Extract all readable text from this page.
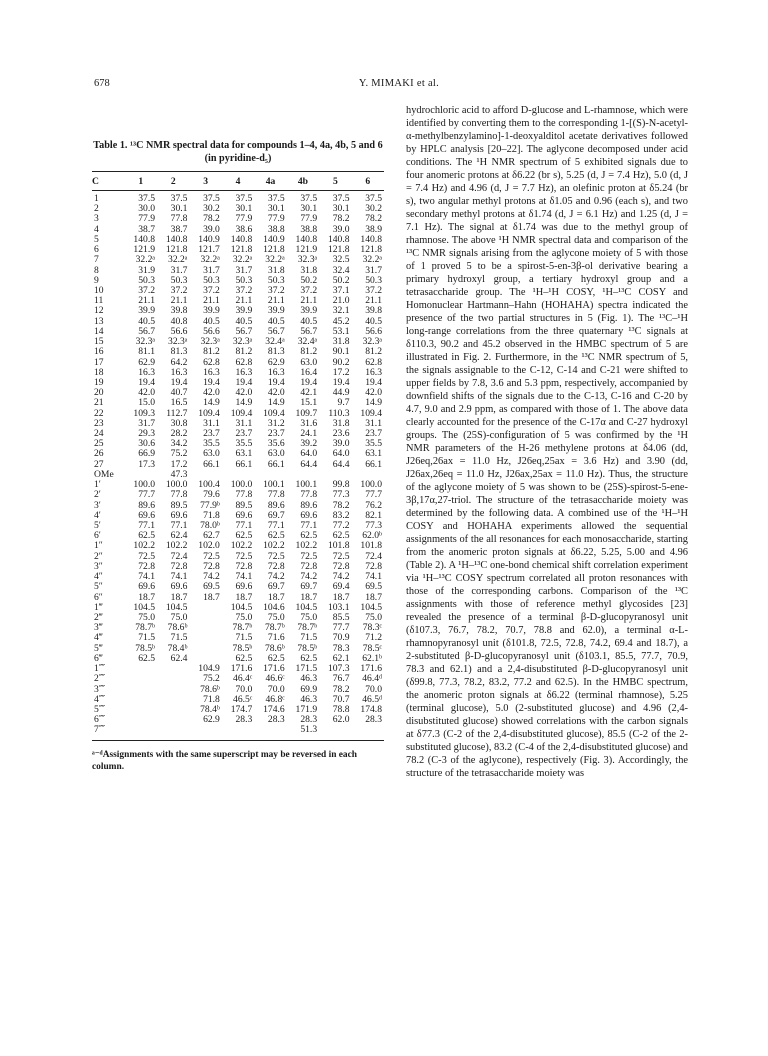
678	Y. MIMAKI et al.

Table 1. ¹³C NMR spectral data for compounds 1–4, 4a, 4b, 5 and 6 (in pyridine-d₅)

C	1	2	3	4	4a	4b	5	6
1	37.5	37.5	37.5	37.5	37.5	37.5	37.5	37.5
2	30.0	30.1	30.2	30.1	30.1	30.1	30.1	30.2
3	77.9	77.8	78.2	77.9	77.9	77.9	78.2	78.2
4	38.7	38.7	39.0	38.6	38.8	38.8	39.0	38.9
5	140.8	140.8	140.9	140.8	140.9	140.8	140.8	140.8
6	121.9	121.8	121.7	121.8	121.8	121.9	121.8	121.8
7	32.2ᵃ	32.2ᵃ	32.2ᵃ	32.2ᵃ	32.2ᵃ	32.3ᵃ	32.5	32.2ᵃ
8	31.9	31.7	31.7	31.7	31.8	31.8	32.4	31.7
9	50.3	50.3	50.3	50.3	50.3	50.2	50.2	50.3
10	37.2	37.2	37.2	37.2	37.2	37.2	37.1	37.2
11	21.1	21.1	21.1	21.1	21.1	21.1	21.0	21.1
12	39.9	39.8	39.9	39.9	39.9	39.9	32.1	39.8
13	40.5	40.8	40.5	40.5	40.5	40.5	45.2	40.5
14	56.7	56.6	56.6	56.7	56.7	56.7	53.1	56.6
15	32.3ᵃ	32.3ᵃ	32.3ᵃ	32.3ᵃ	32.4ᵃ	32.4ᵃ	31.8	32.3ᵃ
16	81.1	81.3	81.2	81.2	81.3	81.2	90.1	81.2
17	62.9	64.2	62.8	62.8	62.9	63.0	90.2	62.8
18	16.3	16.3	16.3	16.3	16.3	16.4	17.2	16.3
19	19.4	19.4	19.4	19.4	19.4	19.4	19.4	19.4
20	42.0	40.7	42.0	42.0	42.0	42.1	44.9	42.0
21	15.0	16.5	14.9	14.9	14.9	15.1	9.7	14.9
22	109.3	112.7	109.4	109.4	109.4	109.7	110.3	109.4
23	31.7	30.8	31.1	31.1	31.2	31.6	31.8	31.1
24	29.3	28.2	23.7	23.7	23.7	24.1	23.6	23.7
25	30.6	34.2	35.5	35.5	35.6	39.2	39.0	35.5
26	66.9	75.2	63.0	63.1	63.0	64.0	64.0	63.1
27	17.3	17.2	66.1	66.1	66.1	64.4	64.4	66.1
OMe		47.3						
1′	100.0	100.0	100.4	100.0	100.1	100.1	99.8	100.0
2′	77.7	77.8	79.6	77.8	77.8	77.8	77.3	77.7
3′	89.6	89.5	77.9ᵇ	89.5	89.6	89.6	78.2	76.2
4′	69.6	69.6	71.8	69.6	69.7	69.6	83.2	82.1
5′	77.1	77.1	78.0ᵇ	77.1	77.1	77.1	77.2	77.3
6′	62.5	62.4	62.7	62.5	62.5	62.5	62.5	62.0ᵇ
1″	102.2	102.2	102.0	102.2	102.2	102.2	101.8	101.8
2″	72.5	72.4	72.5	72.5	72.5	72.5	72.5	72.4
3″	72.8	72.8	72.8	72.8	72.8	72.8	72.8	72.8
4″	74.1	74.1	74.2	74.1	74.2	74.2	74.2	74.1
5″	69.6	69.6	69.5	69.6	69.7	69.7	69.4	69.5
6″	18.7	18.7	18.7	18.7	18.7	18.7	18.7	18.7
1‴	104.5	104.5		104.5	104.6	104.5	103.1	104.5
2‴	75.0	75.0		75.0	75.0	75.0	85.5	75.0
3‴	78.7ᵇ	78.6ᵇ		78.7ᵇ	78.7ᵇ	78.7ᵇ	77.7	78.3ᶜ
4‴	71.5	71.5		71.5	71.6	71.5	70.9	71.2
5‴	78.5ᵇ	78.4ᵇ		78.5ᵇ	78.6ᵇ	78.5ᵇ	78.3	78.5ᶜ
6‴	62.5	62.4		62.5	62.5	62.5	62.1	62.1ᵇ
1⁗			104.9	171.6	171.6	171.5	107.3	171.6
2⁗			75.2	46.4ᶜ	46.6ᶜ	46.3	76.7	46.4ᵈ
3⁗			78.6ᵇ	70.0	70.0	69.9	78.2	70.0
4⁗			71.8	46.5ᶜ	46.8ᶜ	46.3	70.7	46.5ᵈ
5⁗			78.4ᵇ	174.7	174.6	171.9	78.8	174.8
6⁗			62.9	28.3	28.3	28.3	62.0	28.3
7⁗						51.3		
ᵃ⁻ᵈAssignments with the same superscript may be reversed in each column.

hydrochloric acid to afford D-glucose and L-rhamnose, which were identified by converting them to the corresponding 1-[(S)-N-acetyl-α-methylbenzylamino]-1-deoxyalditol acetate derivatives followed by HPLC analysis [20–22]. The aglycone decomposed under acid conditions. The ¹H NMR spectrum of 5 exhibited signals due to four anomeric protons at δ6.22 (br s), 5.25 (d, J = 7.4 Hz), 5.0 (d, J = 7.4 Hz) and 4.96 (d, J = 7.7 Hz), an olefinic proton at δ5.24 (br s), two angular methyl protons at δ1.05 and 0.96 (each s), and two secondary methyl protons at δ1.74 (d, J = 6.1 Hz) and 1.25 (d, J = 7.1 Hz). The signal at δ1.74 was due to the methyl group of rhamnose. The above ¹H NMR spectral data and comparison of the ¹³C NMR signals arising from the aglycone moiety of 5 with those of 1 proved 5 to be a spirost-5-en-3β-ol derivative bearing a primary hydroxyl group, a tertiary hydroxyl group and a tetrasaccharide group. The ¹H–¹H COSY, ¹H–¹³C COSY and Homonuclear Hartmann–Hahn (HOHAHA) spectra indicated the presence of the two partial structures in 5 (Fig. 1). The ¹³C–¹H long-range correlations from the three quaternary ¹³C signals at δ110.3, 90.2 and 45.2 observed in the HMBC spectrum of 5 are illustrated in Fig. 2. Furthermore, in the ¹³C NMR spectrum of 5, the signals assignable to the C-12, C-14 and C-21 were shifted to upper fields by 7.8, 3.6 and 5.3 ppm, respectively, accompanied by downfield shifts of the signals due to the C-13, C-16 and C-20 by 4.7, 9.0 and 2.9 ppm, as compared with those of 1. The above data clearly accounted for the presence of the C-17α and C-27 hydroxyl groups. The (25S)-configuration of 5 was confirmed by the ¹H NMR parameters of the H-26 methylene protons at δ4.06 (dd, J26eq,26ax = 11.0 Hz, J26eq,25ax = 3.6 Hz) and 3.90 (dd, J26ax,26eq = 11.0 Hz, J26ax,25ax = 11.0 Hz). Thus, the structure of the aglycone moiety of 5 was shown to be (25S)-spirost-5-ene-3β,17α,27-triol. The structure of the tetrasaccharide moiety was determined by the following data. A combined use of the ¹H–¹H COSY and HOHAHA experiments allowed the sequential assignments of the all resonances for each monosaccharide, starting from the anomeric proton signals at δ6.22, 5.25, 5.00 and 4.96 (Table 2). A ¹H–¹³C one-bond chemical shift correlation experiment via ¹H–¹³C COSY spectrum correlated all proton resonances with those of the corresponding carbons. Comparison of the ¹³C assignments with those of reference methyl glycosides [23] revealed the presence of a terminal β-D-glucopyranosyl unit (δ107.3, 76.7, 78.2, 70.7, 78.8 and 62.0), a terminal α-L-rhamnopyranosyl unit (δ101.8, 72.5, 72.8, 74.2, 69.4 and 18.7), a 2-substituted β-D-glucopyranosyl unit (δ103.1, 85.5, 77.7, 70.9, 78.3 and 62.1) and a 2,4-disubstituted β-D-glucopyranosyl unit (δ99.8, 77.3, 78.2, 83.2, 77.2 and 62.5). In the HMBC spectrum, the anomeric proton signals at δ6.22 (terminal rhamnose), 5.25 (terminal glucose), 5.0 (2-substituted glucose) and 4.96 (2,4-disubstituted glucose) showed correlations with the carbon signals at δ77.3 (C-2 of the 2,4-disubstituted glucose), 85.5 (C-2 of the 2-substituted glucose), 83.2 (C-4 of the 2,4-disubstituted glucose) and 78.2 (C-3 of the aglycone), respectively (Fig. 3). Accordingly, the structure of the tetrasaccharide moiety was
